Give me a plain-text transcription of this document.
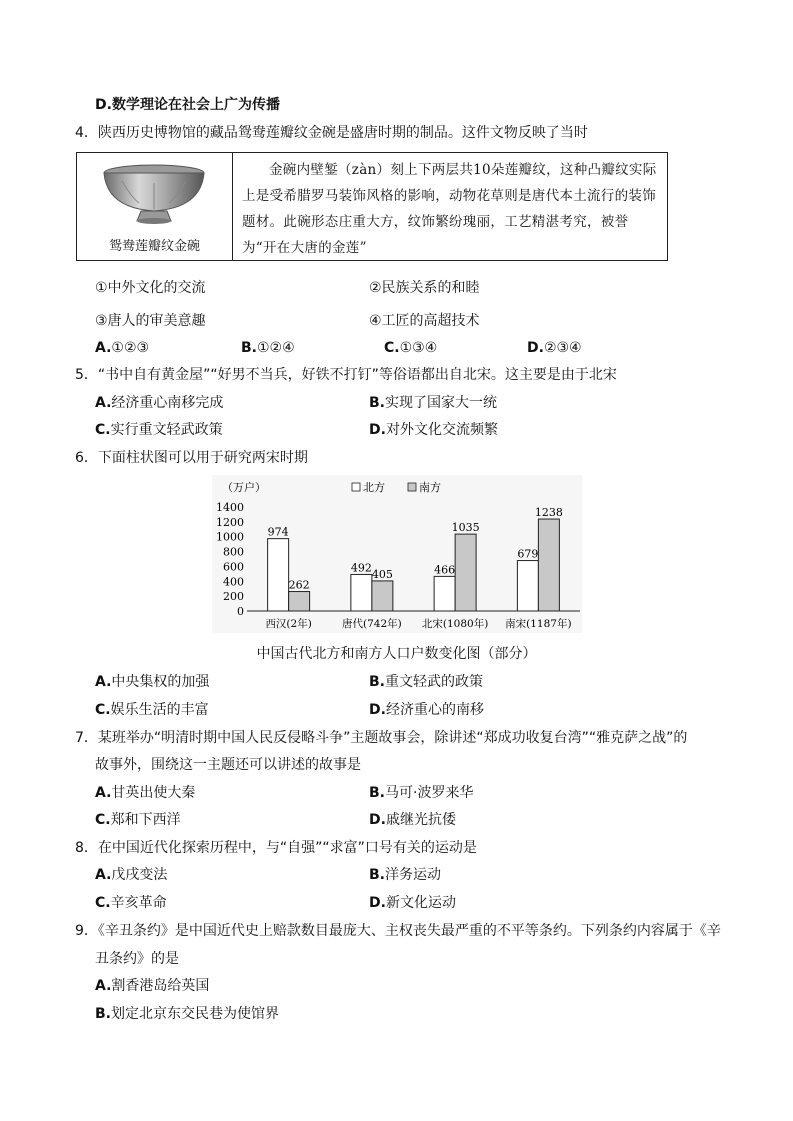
D.数学理论在社会上广为传播
4．陕西历史博物馆的藏品鸳鸯莲瓣纹金碗是盛唐时期的制品。这件文物反映了当时
鸳鸯莲瓣纹金碗
金碗内壁錾（zàn）刻上下两层共10朵莲瓣纹，这种凸瓣纹实际上是受希腊罗马装饰风格的影响，动物花草则是唐代本土流行的装饰题材。此碗形态庄重大方，纹饰繁纷瑰丽，工艺精湛考究，被誉为“开在大唐的金莲”
①中外文化的交流	②民族关系的和睦
③唐人的审美意趣	④工匠的高超技术
A.①②③	B.①②④	C.①③④	D.②③④
5．“书中自有黄金屋”“好男不当兵，好铁不打钉”等俗语都出自北宋。这主要是由于北宋
A.经济重心南移完成	B.实现了国家大一统
C.实行重文轻武政策	D.对外文化交流频繁
6．下面柱状图可以用于研究两宋时期
（万户）
1400
1200
1000
800
600
400
200
0
北方	南方
974
262
西汉(2年)
492 405
唐代(742年)
466
1035
北宋(1080年)
679
1238
南宋(1187年)
中国古代北方和南方人口户数变化图（部分）
A.中央集权的加强	B.重文轻武的政策
C.娱乐生活的丰富	D.经济重心的南移
7．某班举办“明清时期中国人民反侵略斗争”主题故事会，除讲述“郑成功收复台湾”“雅克萨之战”的
故事外，围绕这一主题还可以讲述的故事是
A.甘英出使大秦	B.马可·波罗来华
C.郑和下西洋	D.戚继光抗倭
8．在中国近代化探索历程中，与“自强”“求富”口号有关的运动是
A.戊戌变法	B.洋务运动
C.辛亥革命	D.新文化运动
9．《辛丑条约》是中国近代史上赔款数目最庞大、主权丧失最严重的不平等条约。下列条约内容属于《辛
丑条约》的是
A.割香港岛给英国
B.划定北京东交民巷为使馆界
